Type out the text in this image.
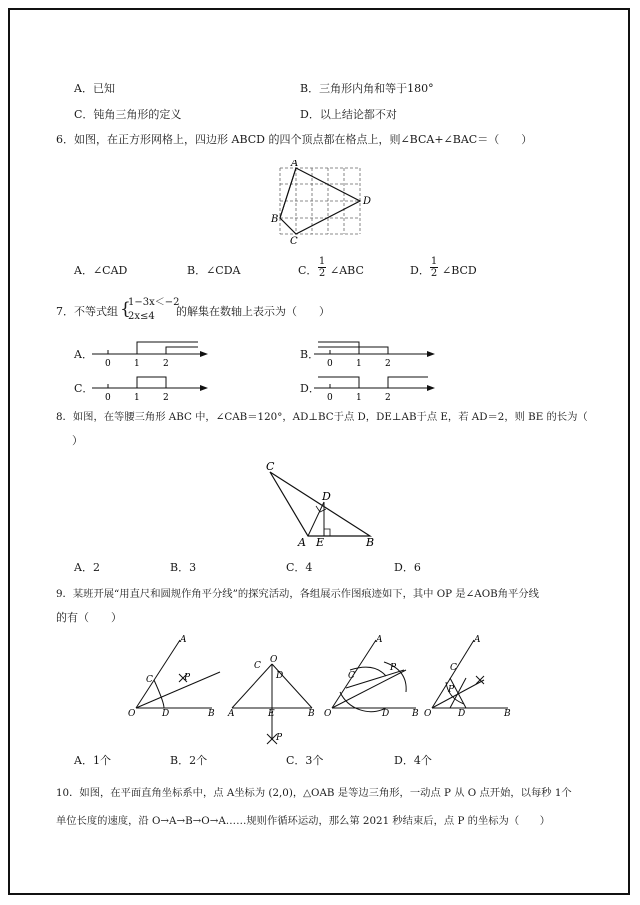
A．已知	B．三角形内角和等于180°
C．钝角三角形的定义	D．以上结论都不对
6．如图，在正方形网格上，四边形 ABCD 的四个顶点都在格点上，则∠BCA+∠BAC＝（　　）
A
D
B
C
A．∠CAD	B．∠CDA	C． $\frac{1}{2}$ ∠ABC	D． $\frac{1}{2}$ ∠BCD
7．不等式组 {
1−3x＜−2
2x≤4	的解集在数轴上表示为（　　）
A．	B．
C．	D．
0	1	2	0	1	2
0	1	2	0	1	2
8．如图，在等腰三角形 ABC 中，∠CAB＝120°，AD⊥BC于点 D，DE⊥AB于点 E，若 AD＝2，则 BE 的长为（
）
C
D
A E	B
A．2	B．3	C．4	D．6
9．某班开展“用直尺和圆规作角平分线”的探究活动，各组展示作图痕迹如下，其中 OP 是∠AOB角平分线
的有（　　）
O
A
C	P
D	B A
C
O
D
E	B
P
O
A
C
P
D	B O
A
C
P
D	B
A．1个	B．2个	C．3个	D．4个
10．如图，在平面直角坐标系中，点 A坐标为 (2,0)，△OAB 是等边三角形，一动点 P 从 O 点开始，以每秒 1个
单位长度的速度，沿 O→A→B→O→A……规则作循环运动，那么第 2021 秒结束后，点 P 的坐标为（　　）
